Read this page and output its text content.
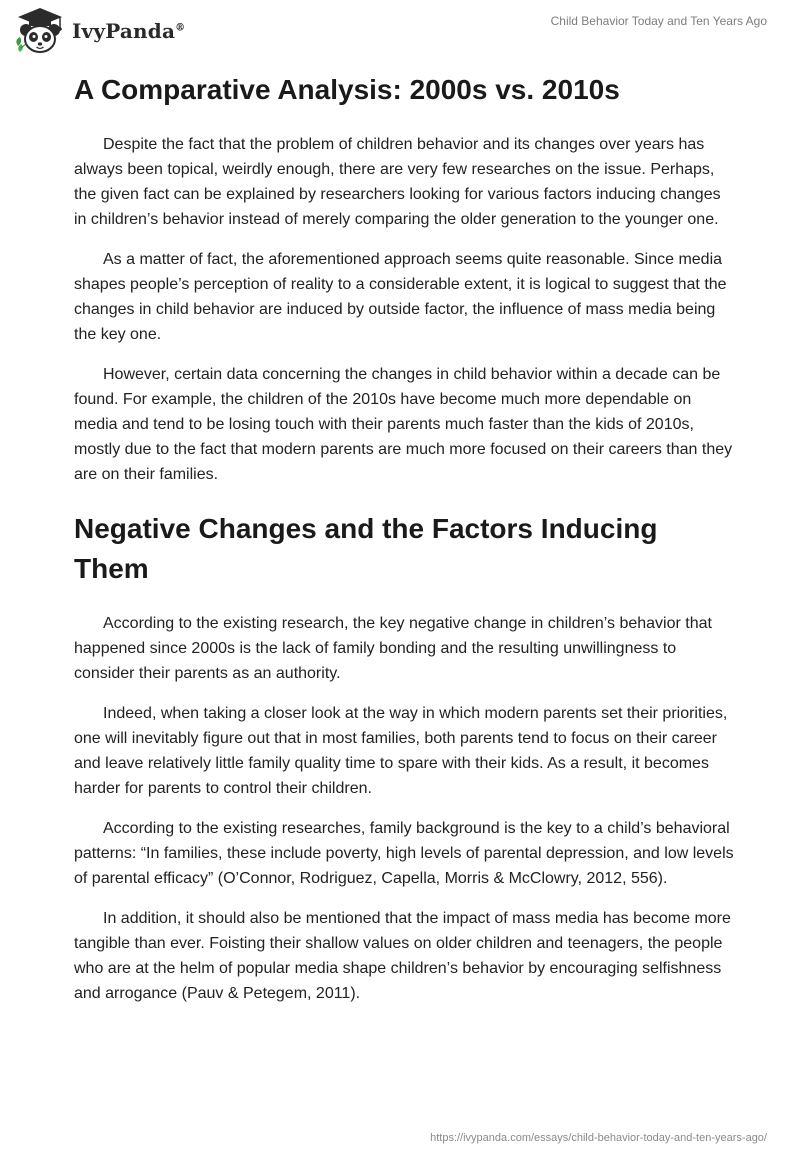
IvyPanda®	Child Behavior Today and Ten Years Ago
A Comparative Analysis: 2000s vs. 2010s

Despite the fact that the problem of children behavior and its changes over years has always been topical, weirdly enough, there are very few researches on the issue. Perhaps, the given fact can be explained by researchers looking for various factors inducing changes in children’s behavior instead of merely comparing the older generation to the younger one.

As a matter of fact, the aforementioned approach seems quite reasonable. Since media shapes people’s perception of reality to a considerable extent, it is logical to suggest that the changes in child behavior are induced by outside factor, the influence of mass media being the key one.

However, certain data concerning the changes in child behavior within a decade can be found. For example, the children of the 2010s have become much more dependable on media and tend to be losing touch with their parents much faster than the kids of 2010s, mostly due to the fact that modern parents are much more focused on their careers than they are on their families.

Negative Changes and the Factors Inducing Them

According to the existing research, the key negative change in children’s behavior that happened since 2000s is the lack of family bonding and the resulting unwillingness to consider their parents as an authority.

Indeed, when taking a closer look at the way in which modern parents set their priorities, one will inevitably figure out that in most families, both parents tend to focus on their career and leave relatively little family quality time to spare with their kids. As a result, it becomes harder for parents to control their children.

According to the existing researches, family background is the key to a child’s behavioral patterns: “In families, these include poverty, high levels of parental depression, and low levels of parental efficacy” (O’Connor, Rodriguez, Capella, Morris & McClowry, 2012, 556).

In addition, it should also be mentioned that the impact of mass media has become more tangible than ever. Foisting their shallow values on older children and teenagers, the people who are at the helm of popular media shape children’s behavior by encouraging selfishness and arrogance (Pauv & Petegem, 2011).

https://ivypanda.com/essays/child-behavior-today-and-ten-years-ago/
